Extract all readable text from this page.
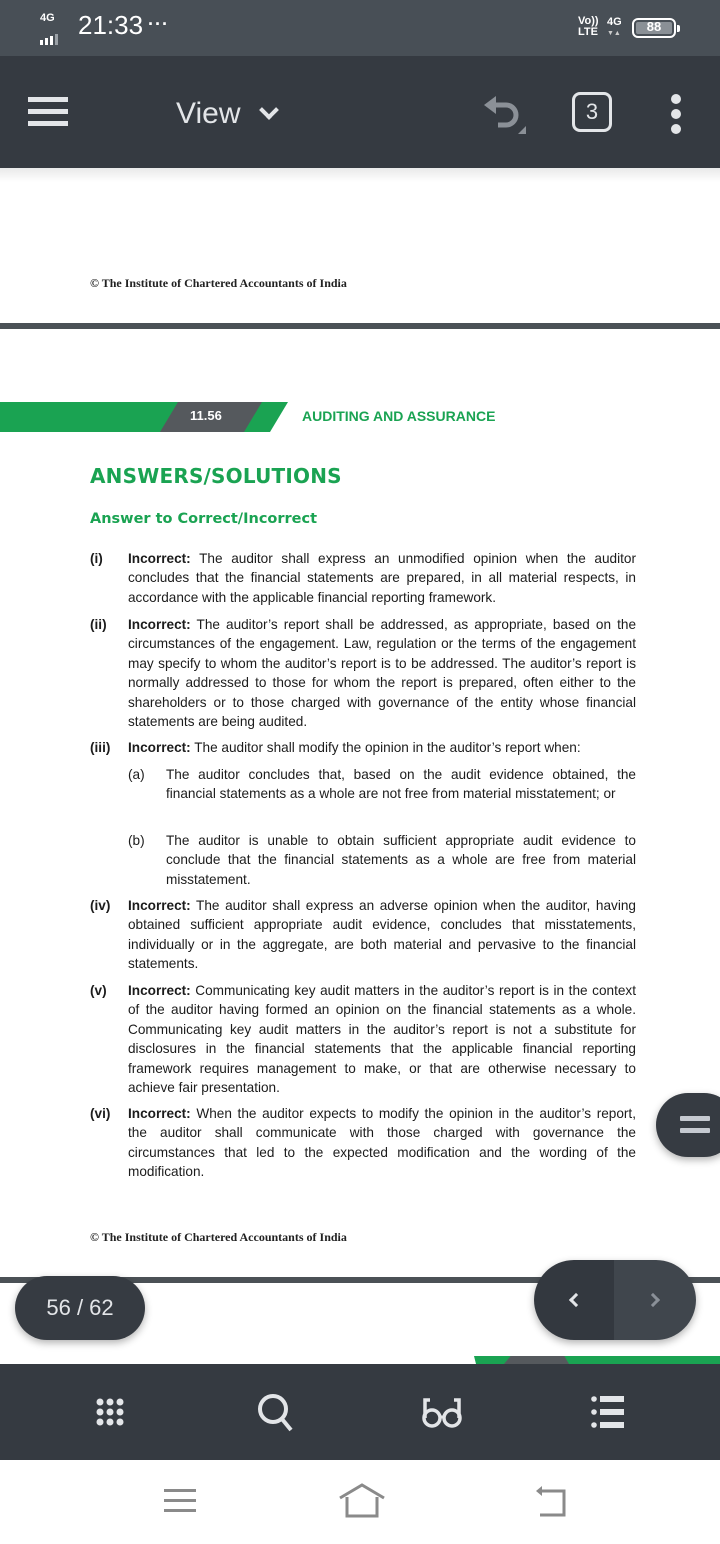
4G 21:33 ···	Vo))
LTE
4G
▼▲	88
View	3
© The Institute of Chartered Accountants of India
11.56	AUDITING AND ASSURANCE
ANSWERS/SOLUTIONS
Answer to Correct/Incorrect
(i) Incorrect: The auditor shall express an unmodified opinion when the auditor concludes that the financial statements are prepared, in all material respects, in accordance with the applicable financial reporting framework.
(ii) Incorrect: The auditor’s report shall be addressed, as appropriate, based on the circumstances of the engagement. Law, regulation or the terms of the engagement may specify to whom the auditor’s report is to be addressed. The auditor’s report is normally addressed to those for whom the report is prepared, often either to the shareholders or to those charged with governance of the entity whose financial statements are being audited.
(iii) Incorrect: The auditor shall modify the opinion in the auditor’s report when:
(a) The auditor concludes that, based on the audit evidence obtained, the financial statements as a whole are not free from material misstatement; or
(b) The auditor is unable to obtain sufficient appropriate audit evidence to conclude that the financial statements as a whole are free from material misstatement.
(iv) Incorrect: The auditor shall express an adverse opinion when the auditor, having obtained sufficient appropriate audit evidence, concludes that misstatements, individually or in the aggregate, are both material and pervasive to the financial statements.
(v) Incorrect: Communicating key audit matters in the auditor’s report is in the context of the auditor having formed an opinion on the financial statements as a whole. Communicating key audit matters in the auditor’s report is not a substitute for disclosures in the financial statements that the applicable financial reporting framework requires management to make, or that are otherwise necessary to achieve fair presentation.
(vi) Incorrect: When the auditor expects to modify the opinion in the auditor’s report, the auditor shall communicate with those charged with governance the circumstances that led to the expected modification and the wording of the modification.
© The Institute of Chartered Accountants of India
56 / 62
